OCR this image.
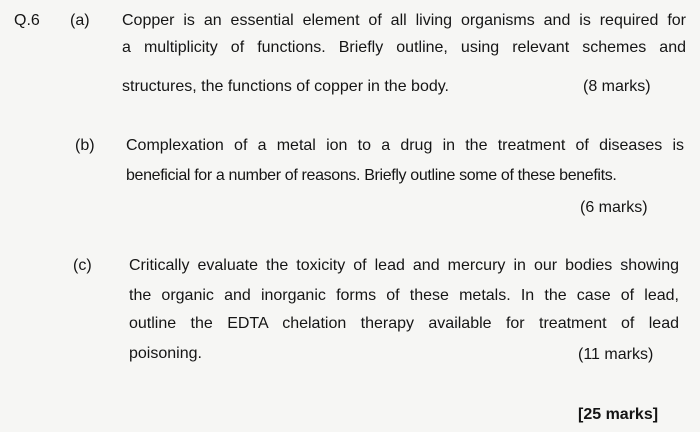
Q.6 (a) Copper is an essential element of all living organisms and is required for
a multiplicity of functions. Briefly outline, using relevant schemes and
structures, the functions of copper in the body.	(8 marks)
(b) Complexation of a metal ion to a drug in the treatment of diseases is
beneficial for a number of reasons. Briefly outline some of these benefits.
(6 marks)
(c) Critically evaluate the toxicity of lead and mercury in our bodies showing
the organic and inorganic forms of these metals. In the case of lead,
outline the EDTA chelation therapy available for treatment of lead
poisoning.	(11 marks)
[25 marks]
